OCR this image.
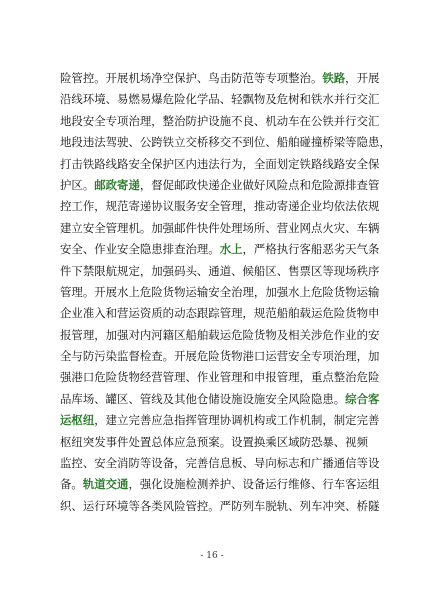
险 管 控 。 开 展 机 场 净 空 保 护 、 鸟 击 防 范 等 专 项 整 治 。 铁 路 ， 开 展
沿 线 环 境 、 易 燃 易 爆 危 险 化 学 品 、 轻 飘 物 及 危 树 和 铁 水 并 行 交 汇
地 段 安 全 专 项 治 理 ， 整 治 防 护 设 施 不 良 、 机 动 车 在 公 铁 并 行 交 汇
地 段 违 法 驾 驶 、 公 跨 铁 立 交 桥 移 交 不 到 位 、 船 舶 碰 撞 桥 梁 等 隐 患 ，
打 击 铁 路 线 路 安 全 保 护 区 内 违 法 行 为 ， 全 面 划 定 铁 路 线 路 安 全 保
护 区 。 邮 政 寄 递 ， 督 促 邮 政 快 递 企 业 做 好 风 险 点 和 危 险 源 排 查 管
控 工 作 ， 规 范 寄 递 协 议 服 务 安 全 管 理 ， 推 动 寄 递 企 业 均 依 法 依 规
建 立 安 全 管 理 机 。 加 强 邮 件 快 件 处 理 场 所 、 营 业 网 点 火 灾 、 车 辆
安 全 、 作 业 安 全 隐 患 排 查 治 理 。 水 上 ， 严 格 执 行 客 船 恶 劣 天 气 条
件 下 禁 限 航 规 定 ， 加 强 码 头 、 通 道 、 候 船 区 、 售 票 区 等 现 场 秩 序
管 理 。 开 展 水 上 危 险 货 物 运 输 安 全 治 理 ， 加 强 水 上 危 险 货 物 运 输
企 业 准 入 和 营 运 资 质 的 动 态 跟 踪 管 理 ， 规 范 船 舶 载 运 危 险 货 物 申
报 管 理 ， 加 强 对 内 河 籍 区 船 舶 载 运 危 险 货 物 及 相 关 涉 危 作 业 的 安
全 与 防 污 染 监 督 检 查 。 开 展 危 险 货 物 港 口 运 营 安 全 专 项 治 理 ， 加
强 港 口 危 险 货 物 经 营 管 理 、 作 业 管 理 和 申 报 管 理 ， 重 点 整 治 危 险
品 库 场 、 罐 区 、 管 线 及 其 他 仓 储 设 施 设 施 安 全 风 险 隐 患 。 综 合 客
运 枢 纽 ， 建 立 完 善 应 急 指 挥 管 理 协 调 机 构 或 工 作 机 制 ， 制 定 完 善
枢 纽 突 发 事 件 处 置 总 体 应 急 预 案 。 设 置 换 乘 区 域 防 恐 暴 、 视 频
监 控 、 安 全 消 防 等 设 备 ， 完 善 信 息 板 、 导 向 标 志 和 广 播 通 信 等 设
备 。 轨 道 交 通 ， 强 化 设 施 检 测 养 护 、 设 备 运 行 维 修 、 行 车 客 运 组
织 、 运 行 环 境 等 各 类 风 险 管 控 。 严 防 列 车 脱 轨 、 列 车 冲 突 、 桥 隧
- 16 -
